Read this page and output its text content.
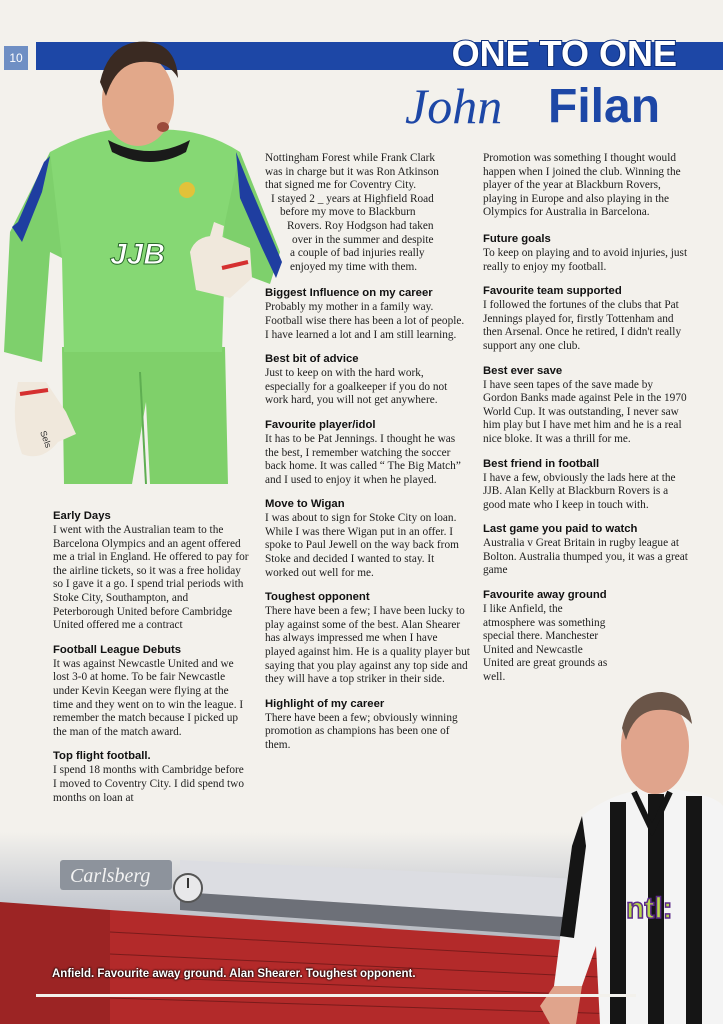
10	ONE TO ONE
John Filan
JJB
Sels
Nottingham Forest while Frank Clark
was in charge but it was Ron Atkinson
that signed me for Coventry City.
I stayed 2 _ years at Highfield Road
before my move to Blackburn
Rovers. Roy Hodgson had taken
over in the summer and despite
a couple of bad injuries really
enjoyed my time with them.
Biggest Influence on my career

Probably my mother in a family way. Football wise there has been a lot of people. I have learned a lot and I am still learning.

Best bit of advice

Just to keep on with the hard work, especially for a goalkeeper if you do not work hard, you will not get anywhere.

Favourite player/idol

It has to be Pat Jennings. I thought he was the best, I remember watching the soccer back home. It was called “ The Big Match” and I used to enjoy it when he played.

Move to Wigan

I was about to sign for Stoke City on loan. While I was there Wigan put in an offer. I spoke to Paul Jewell on the way back from Stoke and decided I wanted to stay. It worked out well for me.

Toughest opponent

There have been a few; I have been lucky to play against some of the best. Alan Shearer has always impressed me when I have played against him. He is a quality player but saying that you play against any top side and they will have a top striker in their side.

Highlight of my career

There have been a few; obviously winning promotion as champions has been one of them.

Promotion was something I thought would happen when I joined the club. Winning the player of the year at Blackburn Rovers, playing in Europe and also playing in the Olympics for Australia in Barcelona.

Future goals

To keep on playing and to avoid injuries, just really to enjoy my football.

Favourite team supported

I followed the fortunes of the clubs that Pat Jennings played for, firstly Tottenham and then Arsenal. Once he retired, I didn't really support any one club.

Best ever save

I have seen tapes of the save made by Gordon Banks made against Pele in the 1970 World Cup. It was outstanding, I never saw him play but I have met him and he is a real nice bloke. It was a thrill for me.

Best friend in football

I have a few, obviously the lads here at the JJB. Alan Kelly at Blackburn Rovers is a good mate who I keep in touch with.

Last game you paid to watch

Australia v Great Britain in rugby league at Bolton. Australia thumped you, it was a great game

Favourite away ground

I like Anfield, the atmosphere was something special there. Manchester United and Newcastle United are great grounds as well.

Early Days

I went with the Australian team to the Barcelona Olympics and an agent offered me a trial in England. He offered to pay for the airline tickets, so it was a free holiday so I gave it a go. I spend trial periods with Stoke City, Southampton, and Peterborough United before Cambridge United offered me a contract

Football League Debuts

It was against Newcastle United and we lost 3-0 at home. To be fair Newcastle under Kevin Keegan were flying at the time and they went on to win the league. I remember the match because I picked up the man of the match award.

Top flight football.

I spend 18 months with Cambridge before I moved to Coventry City. I did spend two months on loan at

Carlsberg
ntl:
Anfield. Favourite away ground. Alan Shearer. Toughest opponent.
